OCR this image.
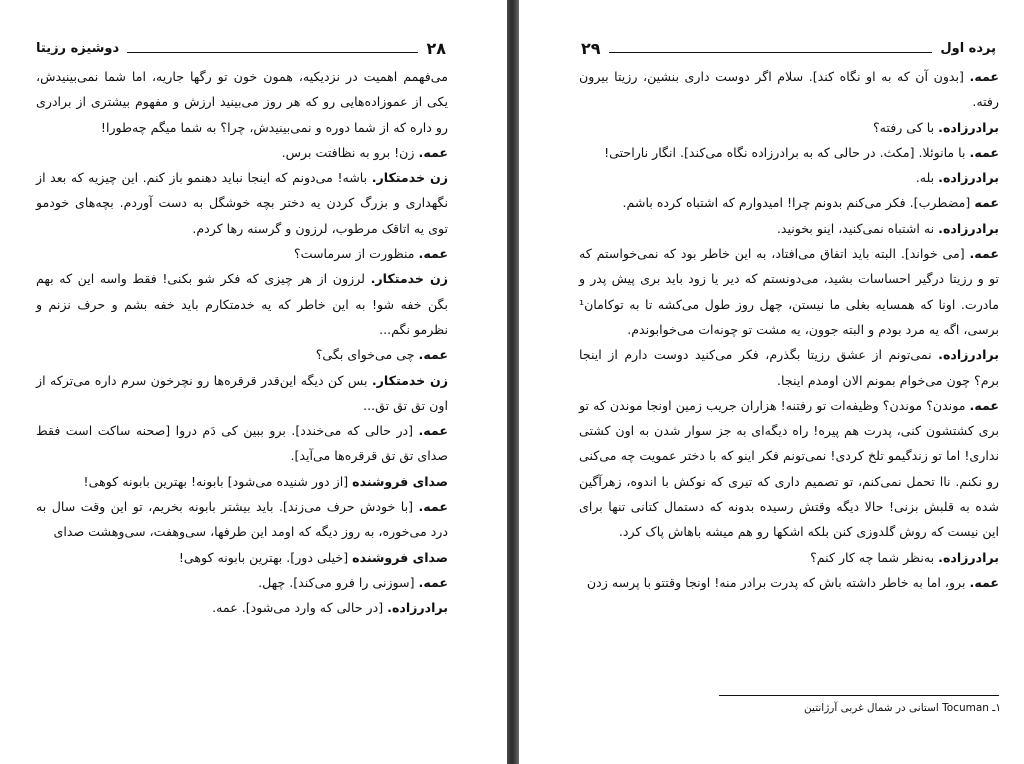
۲۸
دوشیزه رزیتا

می‌فهمم اهمیت در نزدیکیه، همون خون تو رگها جاریه، اما شما نمی‌بینیدش، یکی از عموزاده‌هایی رو که هر روز می‌بینید ارزش و مفهوم بیشتری از برادری رو داره که از شما دوره و نمی‌بینیدش، چرا؟ به شما میگم چه‌طورا!

عمه. زن! برو به نظافتت برس.

زن خدمتکار. باشه! می‌دونم که اینجا نباید دهنمو باز کنم. این چیزیه که بعد از نگهداری و بزرگ کردن یه دختر بچه خوشگل به دست آوردم. بچه‌های خودمو توی یه اتاقک مرطوب، لرزون و گرسنه رها کردم.

عمه. منظورت از سرماست؟

زن خدمتکار. لرزون از هر چیزی که فکر شو بکنی! فقط واسه این که بهم بگن خفه شو! به این خاطر که یه خدمتکارم باید خفه بشم و حرف نزنم و نظرمو نگم...

عمه. چی می‌خوای بگی؟

زن خدمتکار. بس کن دیگه این‌قدر قرقره‌ها رو نچرخون سرم داره می‌ترکه از اون تق تق تق...

عمه. [در حالی که می‌خندد]. برو ببین کی دَم دروا [صحنه ساکت است فقط صدای تق تق قرقره‌ها می‌آید].

صدای فروشنده [از دور شنیده می‌شود] بابونه! بهترین بابونه کوهی!

عمه. [با خودش حرف می‌زند]. باید بیشتر بابونه بخریم، تو این وقت سال به درد می‌خوره، به روز دیگه که اومد این طرفها، سی‌وهفت، سی‌وهشت صدای

صدای فروشنده [خیلی دور]. بهترین بابونه کوهی!

عمه. [سوزنی را فرو می‌کند]. چهل.

برادرزاده. [در حالی که وارد می‌شود]. عمه.

پرده اول
۲۹

عمه. [بدون آن که به او نگاه کند]. سلام اگر دوست داری بنشین، رزیتا بیرون رفته.

برادرزاده. با کی رفته؟

عمه. با مانوئلا. [مکث. در حالی که به برادرزاده نگاه می‌کند]. انگار ناراحتی!

برادرزاده. بله.

عمه [مضطرب]. فکر می‌کنم بدونم چرا! امیدوارم که اشتباه کرده باشم.

برادرزاده. نه اشتباه نمی‌کنید، اینو بخونید.

عمه. [می خواند]. البته باید اتفاق می‌افتاد، به این خاطر بود که نمی‌خواستم که تو و رزیتا درگیر احساسات بشید، می‌دونستم که دیر یا زود باید بری پیش پدر و مادرت. اونا که همسایه بغلی ما نیستن، چهل روز طول می‌کشه تا به توکامان¹ برسی، اگه یه مرد بودم و البته جوون، یه مشت تو چونه‌ات می‌خوابوندم.

برادرزاده. نمی‌تونم از عشق رزیتا بگذرم، فکر می‌کنید دوست دارم از اینجا برم؟ چون می‌خوام بمونم الان اومدم اینجا.

عمه. موندن؟ موندن؟ وظیفه‌ات تو رفتنه! هزاران جریب زمین اونجا موندن که تو بری کشتشون کنی، پدرت هم پیره! راه دیگه‌ای به جز سوار شدن به اون کشتی نداری! اما تو زندگیمو تلخ کردی! نمی‌تونم فکر اینو که با دختر عمویت چه می‌کنی رو نکنم. ناا تحمل نمی‌کنم، تو تصمیم داری که تیری که نوکش با اندوه، زهرآگین شده به قلبش بزنی! حالا دیگه وقتش رسیده بدونه که دستمال کتانی تنها برای این نیست که روش گلدوزی کنن بلکه اشکها رو هم میشه باهاش پاک کرد.

برادرزاده. به‌نظر شما چه کار کنم؟

عمه. برو، اما به خاطر داشته باش که پدرت برادر منه! اونجا وقتتو با پرسه زدن

۱ـ Tocuman استانی در شمال غربی آرژانتین
